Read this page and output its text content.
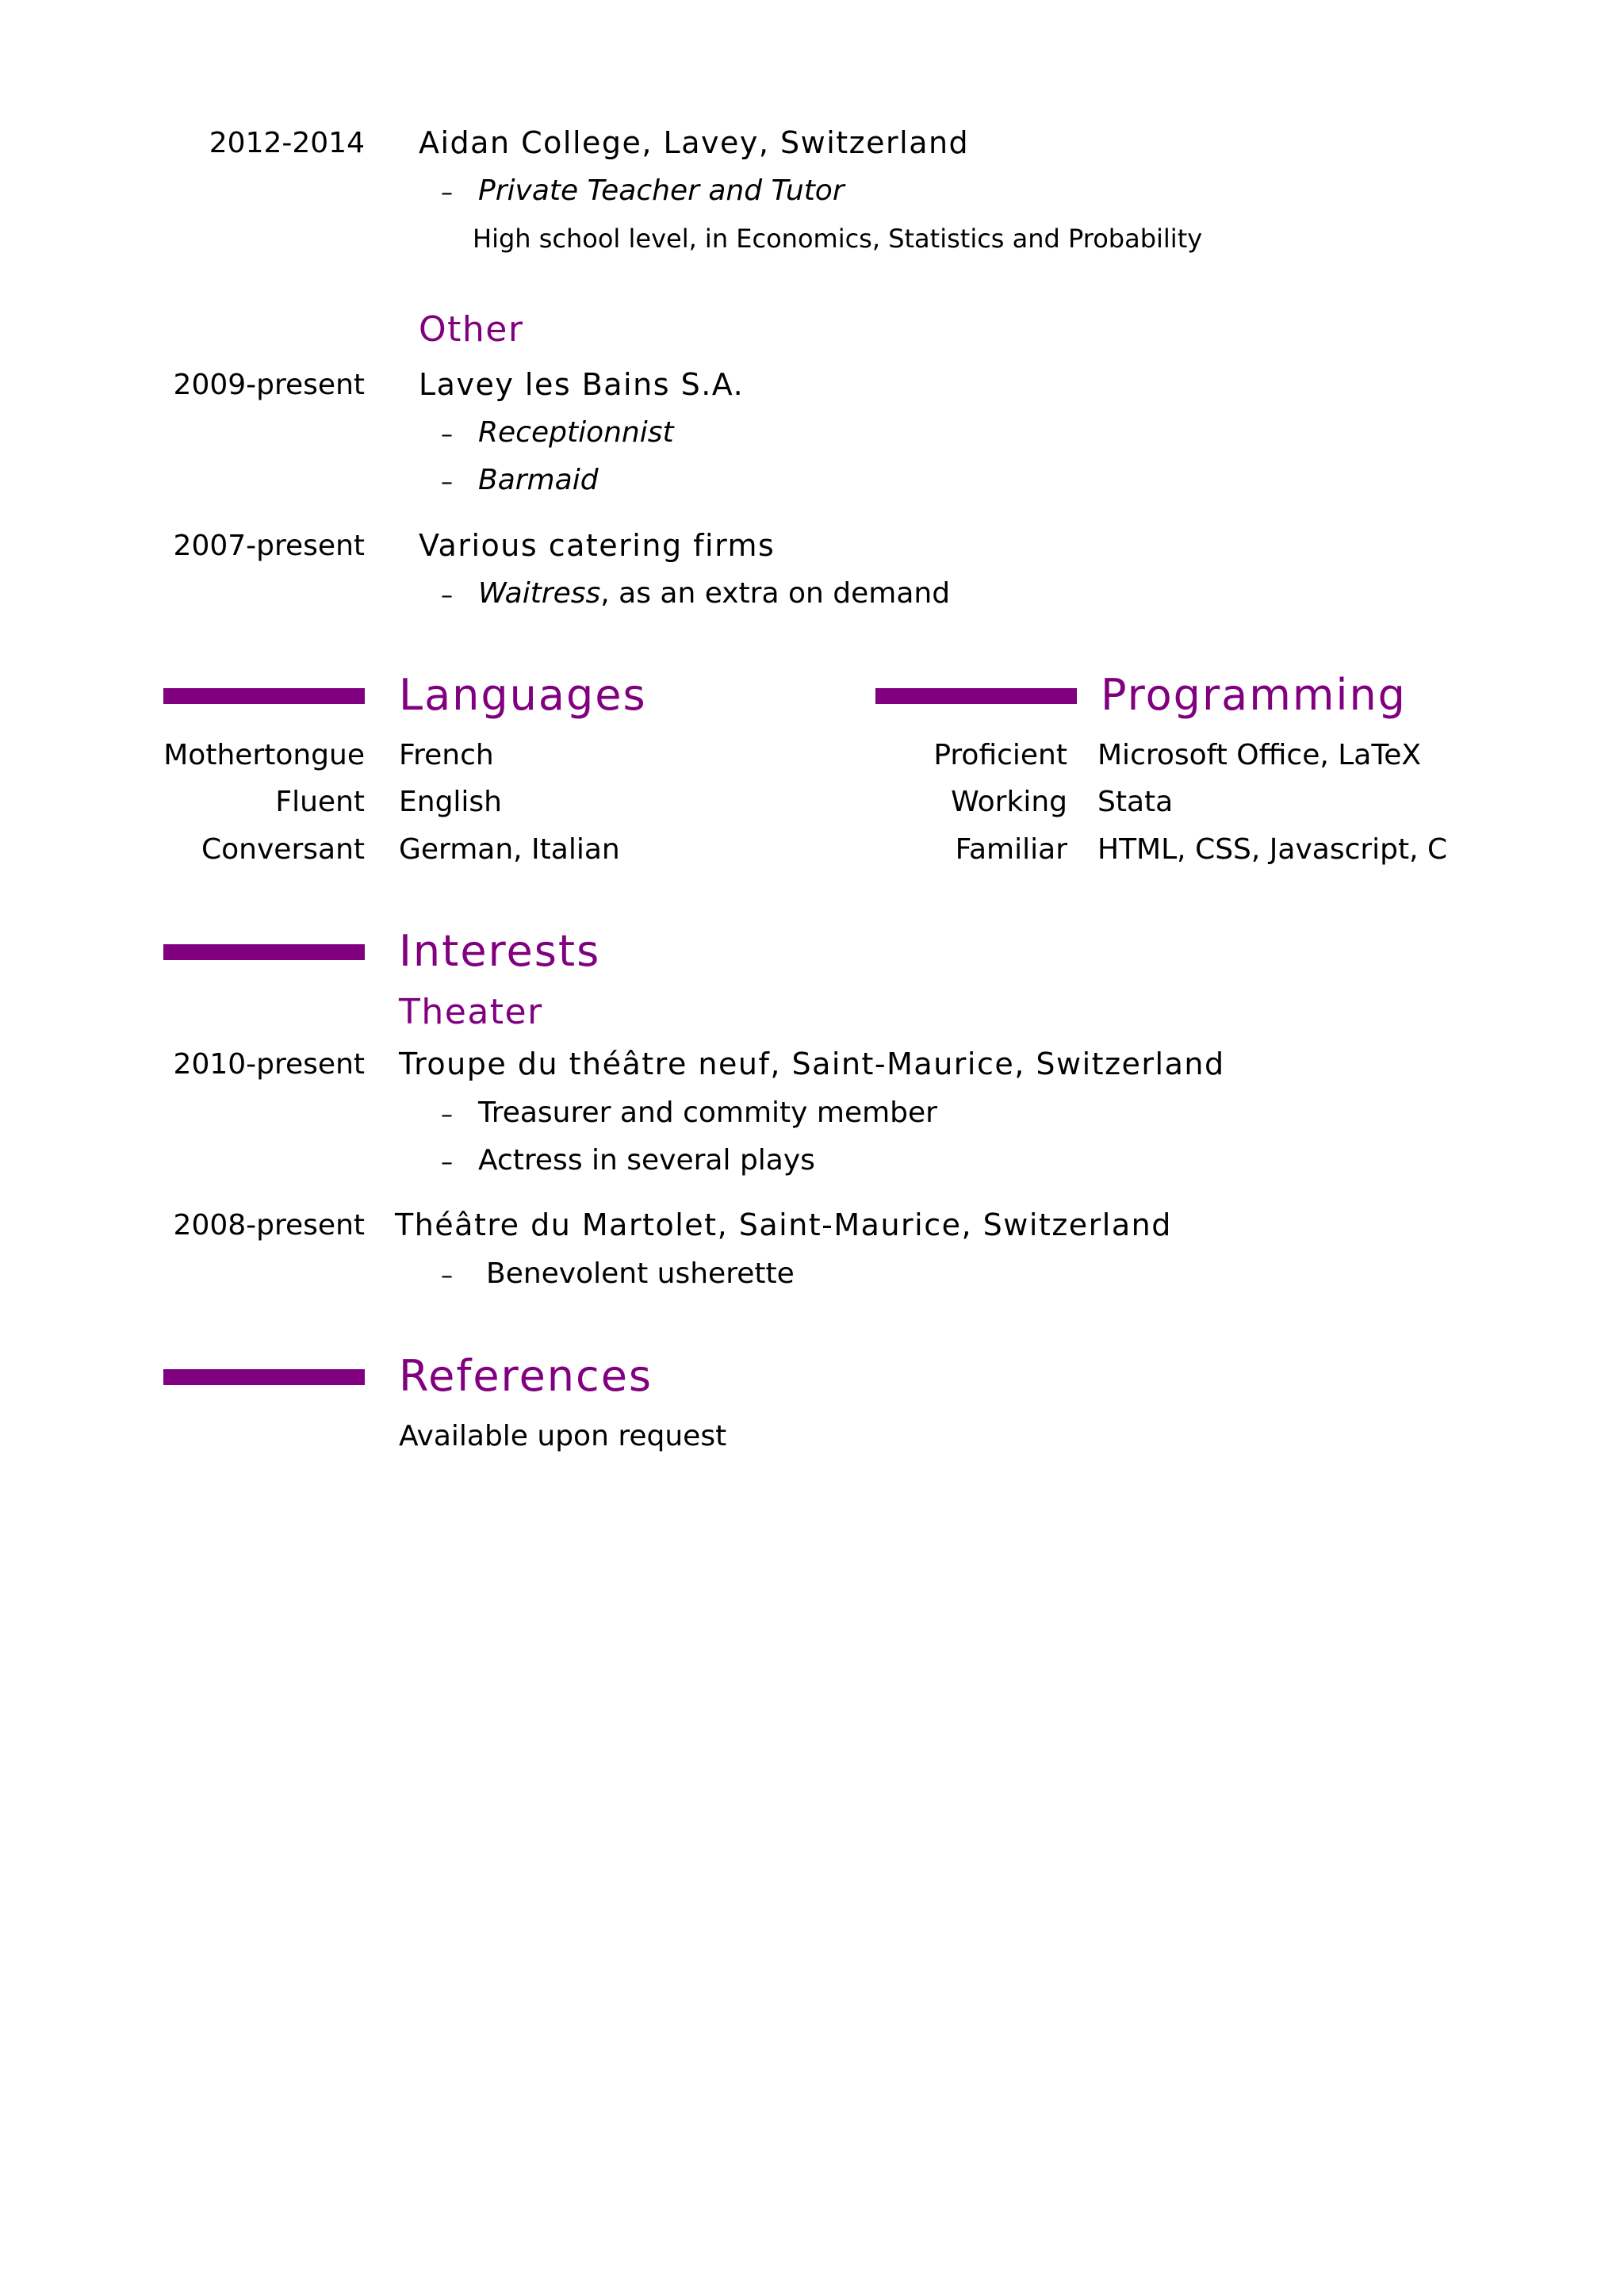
2012-2014 Aidan College, Lavey, Switzerland
– Private Teacher and Tutor
High school level, in Economics, Statistics and Probability
Other
2009-present Lavey les Bains S.A.
– Receptionnist
– Barmaid
2007-present Various catering firms
– Waitress, as an extra on demand
Languages
Mothertongue French
Fluent English
Conversant German, Italian
Programming
Proficient Microsoft Office, LaTeX
Working Stata
Familiar HTML, CSS, Javascript, C
Interests
Theater
2010-present Troupe du théâtre neuf, Saint-Maurice, Switzerland
– Treasurer and commity member
– Actress in several plays
2008-present Théâtre du Martolet, Saint-Maurice, Switzerland
– Benevolent usherette
References
Available upon request
